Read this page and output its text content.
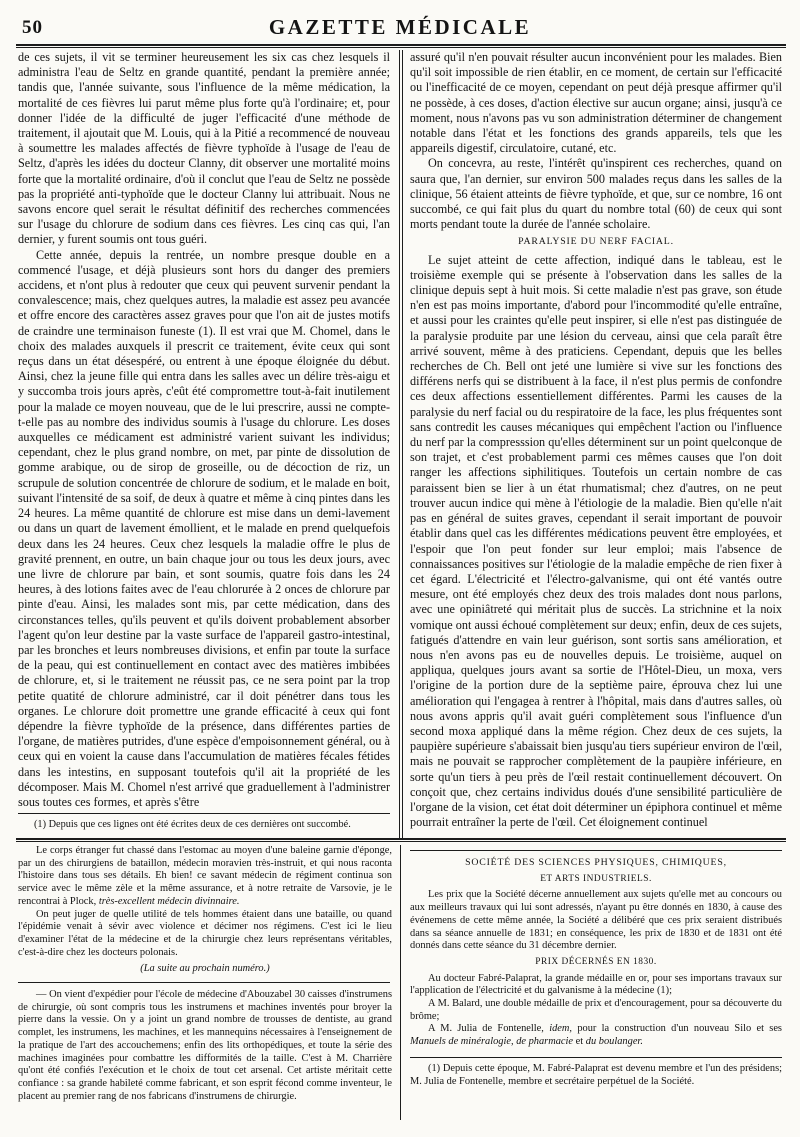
50	GAZETTE MÉDICALE

de ces sujets, il vit se terminer heureusement les six cas chez lesquels il administra l'eau de Seltz en grande quantité, pendant la première année; tandis que, l'année suivante, sous l'influence de la même médication, la mortalité de ces fièvres lui parut même plus forte qu'à l'ordinaire; et, pour donner l'idée de la difficulté de juger l'efficacité d'une méthode de traitement, il ajoutait que M. Louis, qui à la Pitié a recommencé de nouveau à soumettre les malades affectés de fièvre typhoïde à l'usage de l'eau de Seltz, d'après les idées du docteur Clanny, dit observer une mortalité moins forte que la mortalité ordinaire, d'où il conclut que l'eau de Seltz ne possède pas la propriété anti-typhoïde que le docteur Clanny lui attribuait. Nous ne savons encore quel serait le résultat définitif des recherches commencées sur l'usage du chlorure de sodium dans ces fièvres. Les cinq cas qui, l'an dernier, y furent soumis ont tous guéri.

Cette année, depuis la rentrée, un nombre presque double en a commencé l'usage, et déjà plusieurs sont hors du danger des premiers accidens, et n'ont plus à redouter que ceux qui peuvent survenir pendant la convalescence; mais, chez quelques autres, la maladie est assez peu avancée et offre encore des caractères assez graves pour que l'on ait de justes motifs de craindre une terminaison funeste (1). Il est vrai que M. Chomel, dans le choix des malades auxquels il prescrit ce traitement, évite ceux qui sont reçus dans un état désespéré, ou entrent à une époque éloignée du début. Ainsi, chez la jeune fille qui entra dans les salles avec un délire très-aigu et y succomba trois jours après, c'eût été compromettre tout-à-fait inutilement pour la malade ce moyen nouveau, que de le lui prescrire, aussi ne compte-t-elle pas au nombre des individus soumis à l'usage du chlorure. Les doses auxquelles ce médicament est administré varient suivant les individus; cependant, chez le plus grand nombre, on met, par pinte de dissolution de gomme arabique, ou de sirop de groseille, ou de décoction de riz, un scrupule de solution concentrée de chlorure de sodium, et le malade en boit, suivant l'intensité de sa soif, de deux à quatre et même à cinq pintes dans les 24 heures. La même quantité de chlorure est mise dans un demi-lavement ou dans un quart de lavement émollient, et le malade en prend quelquefois deux dans les 24 heures. Ceux chez lesquels la maladie offre le plus de gravité prennent, en outre, un bain chaque jour ou tous les deux jours, avec une livre de chlorure par bain, et sont soumis, quatre fois dans les 24 heures, à des lotions faites avec de l'eau chlorurée à 2 onces de chlorure par pinte d'eau. Ainsi, les malades sont mis, par cette médication, dans des circonstances telles, qu'ils peuvent et qu'ils doivent probablement absorber l'agent qu'on leur destine par la vaste surface de l'appareil gastro-intestinal, par les bronches et leurs nombreuses divisions, et enfin par toute la surface de la peau, qui est continuellement en contact avec des matières imbibées de chlorure, et, si le traitement ne réussit pas, ce ne sera point par la trop petite quatité de chlorure administré, car il doit pénétrer dans tous les organes. Le chlorure doit promettre une grande efficacité à ceux qui font dépendre la fièvre typhoïde de la présence, dans différentes parties de l'organe, de matières putrides, d'une espèce d'empoisonnement général, ou à ceux qui en voient la cause dans l'accumulation de matières fécales fétides dans les intestins, en supposant toutefois qu'il ait la propriété de les décomposer. Mais M. Chomel n'est arrivé que graduellement à l'administrer sous toutes ces formes, et après s'être

(1) Depuis que ces lignes ont été écrites deux de ces dernières ont succombé.

assuré qu'il n'en pouvait résulter aucun inconvénient pour les malades. Bien qu'il soit impossible de rien établir, en ce moment, de certain sur l'efficacité ou l'inefficacité de ce moyen, cependant on peut déjà presque affirmer qu'il ne possède, à ces doses, d'action élective sur aucun organe; ainsi, jusqu'à ce moment, nous n'avons pas vu son administration déterminer de changement notable dans l'état et les fonctions des grands appareils, tels que les appareils digestif, circulatoire, cutané, etc.

On concevra, au reste, l'intérêt qu'inspirent ces recherches, quand on saura que, l'an dernier, sur environ 500 malades reçus dans les salles de la clinique, 56 étaient atteints de fièvre typhoïde, et que, sur ce nombre, 16 ont succombé, ce qui fait plus du quart du nombre total (60) de ceux qui sont morts pendant toute la durée de l'année scholaire.

PARALYSIE DU NERF FACIAL.

Le sujet atteint de cette affection, indiqué dans le tableau, est le troisième exemple qui se présente à l'observation dans les salles de la clinique depuis sept à huit mois. Si cette maladie n'est pas grave, son étude n'en est pas moins importante, d'abord pour l'incommodité qu'elle entraîne, et aussi pour les craintes qu'elle peut inspirer, si elle n'est pas distinguée de la paralysie produite par une lésion du cerveau, ainsi que cela paraît être arrivé souvent, même à des praticiens. Cependant, depuis que les belles recherches de Ch. Bell ont jeté une lumière si vive sur les fonctions des différens nerfs qui se distribuent à la face, il n'est plus permis de confondre ces deux affections essentiellement différentes. Parmi les causes de la paralysie du nerf facial ou du respiratoire de la face, les plus fréquentes sont sans contredit les causes mécaniques qui empêchent l'action ou l'influence du nerf par la compresssion qu'elles déterminent sur un point quelconque de son trajet, et c'est probablement parmi ces mêmes causes que l'on doit ranger les affections siphilitiques. Toutefois un certain nombre de cas paraissent bien se lier à un état rhumatismal; chez d'autres, on ne peut trouver aucun indice qui mène à l'étiologie de la maladie. Bien qu'elle n'ait pas en général de suites graves, cependant il serait important de pouvoir établir dans quel cas les différentes médications peuvent être employées, et l'espoir que l'on peut fonder sur leur emploi; mais l'absence de connaissances positives sur l'étiologie de la maladie empêche de rien fixer à cet égard. L'électricité et l'électro-galvanisme, qui ont été vantés outre mesure, ont été employés chez deux des trois malades dont nous parlons, avec une opiniâtreté qui méritait plus de succès. La strichnine et la noix vomique ont aussi échoué complètement sur deux; enfin, deux de ces sujets, fatigués d'attendre en vain leur guérison, sont sortis sans amélioration, et nous n'en avons pas eu de nouvelles depuis. Le troisième, auquel on appliqua, quelques jours avant sa sortie de l'Hôtel-Dieu, un moxa, vers l'origine de la portion dure de la septième paire, éprouva chez lui une amélioration qui l'engagea à rentrer à l'hôpital, mais dans d'autres salles, où nous avons appris qu'il avait guéri complètement sous l'influence d'un second moxa appliqué dans la même région. Chez deux de ces sujets, la paupière supérieure s'abaissait bien jusqu'au tiers supérieur environ de l'œil, mais ne pouvait se rapprocher complètement de la paupière inférieure, en sorte qu'un tiers à peu près de l'œil restait continuellement découvert. On conçoit que, chez certains individus doués d'une sensibilité particulière de l'organe de la vision, cet état doit déterminer un épiphora continuel et même pourrait entraîner la perte de l'œil. Cet éloignement continuel

Le corps étranger fut chassé dans l'estomac au moyen d'une baleine garnie d'éponge, par un des chirurgiens de bataillon, médecin moravien très-instruit, et qui nous raconta l'histoire dans tous ses détails. Eh bien! ce savant médecin de régiment continua son service avec le même zèle et la même assurance, et à notre retraite de Varsovie, je le rencontrai à Plock, très-excellent médecin divinnaire.

On peut juger de quelle utilité de tels hommes étaient dans une bataille, ou quand l'épidémie venait à sévir avec violence et décimer nos régimens. C'est ici le lieu d'examiner l'état de la médecine et de la chirurgie chez leurs représentans véritables, c'est-à-dire chez les docteurs polonais.

(La suite au prochain numéro.)

— On vient d'expédier pour l'école de médecine d'Abouzabel 30 caisses d'instrumens de chirurgie, où sont compris tous les instrumens et machines inventés pour broyer la pierre dans la vessie. On y a joint un grand nombre de trousses de dentiste, au grand complet, les instrumens, les machines, et les mannequins nécessaires à l'enseignement de la pratique de l'art des accouchemens; enfin des lits orthopédiques, et toute la série des machines imaginées pour combattre les difformités de la taille. C'est à M. Charrière qu'ont été confiés l'exécution et le choix de tout cet arsenal. Cet artiste méritait cette confiance : sa grande habileté comme fabricant, et son esprit fécond comme inventeur, le placent au premier rang de nos fabricans d'instrumens de chirurgie.

SOCIÉTÉ DES SCIENCES PHYSIQUES, CHIMIQUES,
ET ARTS INDUSTRIELS.

Les prix que la Société décerne annuellement aux sujets qu'elle met au concours ou aux meilleurs travaux qui lui sont adressés, n'ayant pu être donnés en 1830, à cause des événemens de cette même année, la Société a délibéré que ces prix seraient distribués dans sa séance annuelle de 1831; en conséquence, les prix de 1830 et de 1831 ont été donnés dans cette séance du 31 décembre dernier.

PRIX DÉCERNÉS EN 1830.

Au docteur Fabré-Palaprat, la grande médaille en or, pour ses importans travaux sur l'application de l'électricité et du galvanisme à la médecine (1);

A M. Balard, une double médaille de prix et d'encouragement, pour sa découverte du brôme;

A M. Julia de Fontenelle, idem, pour la construction d'un nouveau Silo et ses Manuels de minéralogie, de pharmacie et du boulanger.

(1) Depuis cette époque, M. Fabré-Palaprat est devenu membre et l'un des présidens; M. Julia de Fontenelle, membre et secrétaire perpétuel de la Société.
